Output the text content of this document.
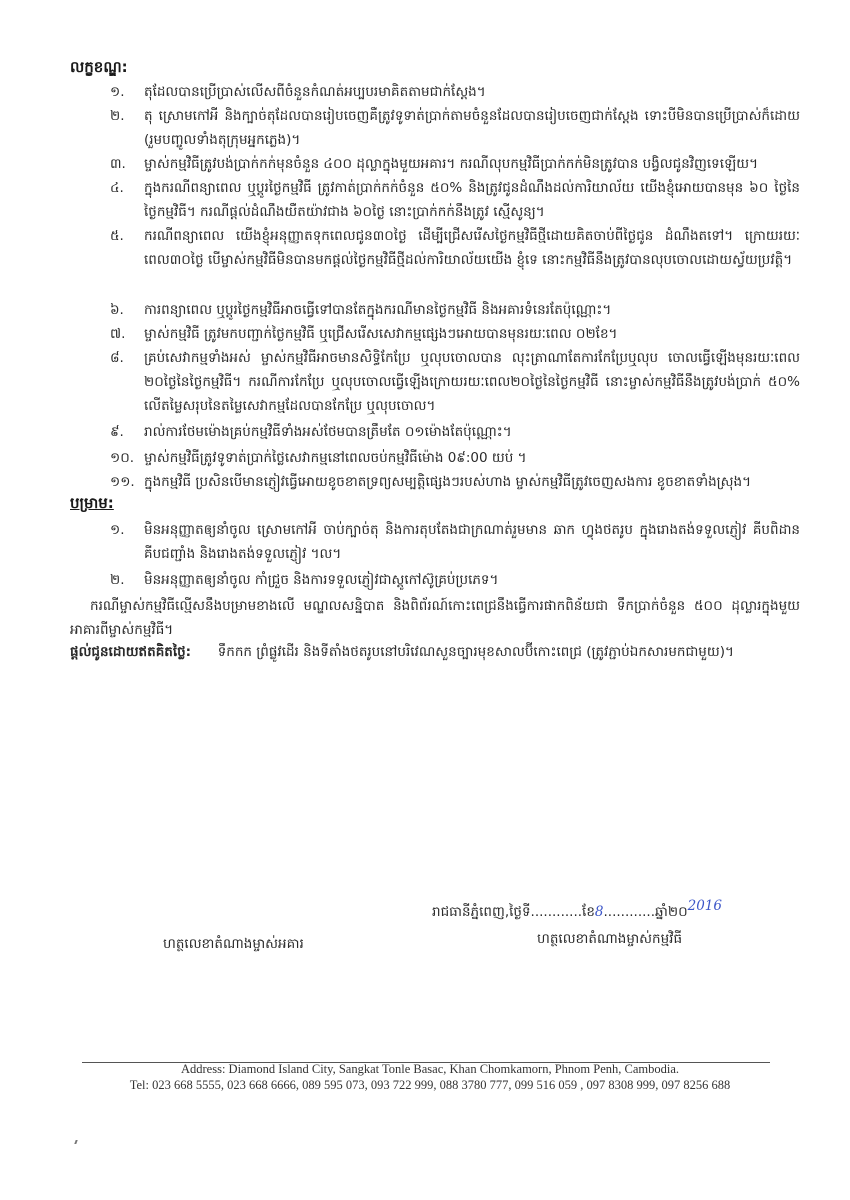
លក្ខខណ្ឌ:
១.	តុដែលបានប្រើប្រាស់លើសពីចំនួនកំណត់អប្បបរមាគិតតាមជាក់ស្តែង។
២.	តុ ស្រោមកៅអី និងក្បាច់តុដែលបានរៀបចេញគឺត្រូវទូទាត់ប្រាក់តាមចំនួនដែលបានរៀបចេញជាក់ស្តែង ទោះបីមិនបានប្រើប្រាស់ក៏ដោយ (រួមបញ្ចូលទាំងតុក្រុមអ្នកភ្លេង)។
៣.	ម្ចាស់កម្មវិធីត្រូវបង់ប្រាក់កក់មុនចំនួន ៤០០ ដុល្លាក្នុងមួយអគារ។ ករណីលុបកម្មវិធីប្រាក់កក់មិនត្រូវបាន បង្វិលជូនវិញទេឡើយ។
៤.	ក្នុងករណីពន្យាពេល ឬប្តូរថ្ងៃកម្មវិធី ត្រូវកាត់ប្រាក់កក់ចំនួន ៥០% និងត្រូវជូនដំណឹងដល់ការិយាល័យ យើងខ្ញុំអោយបានមុន ៦០ ថ្ងៃនៃថ្ងៃកម្មវិធី។ ករណីផ្តល់ដំណឹងយឺតយ៉ាវជាង ៦០ថ្ងៃ នោះប្រាក់កក់នឹងត្រូវ ស្មើសូន្យ។
៥.	ករណីពន្យាពេល យើងខ្ញុំអនុញ្ញាតទុកពេលជូន៣០ថ្ងៃ ដើម្បីជ្រើសរើសថ្ងៃកម្មវិធីថ្មីដោយគិតចាប់ពីថ្ងៃជូន ដំណឹងតទៅ។ ក្រោយរយៈពេល៣០ថ្ងៃ បើម្ចាស់កម្មវិធីមិនបានមកផ្តល់ថ្ងៃកម្មវិធីថ្មីដល់ការិយាល័យយើង ខ្ញុំទេ នោះកម្មវិធីនឹងត្រូវបានលុបចោលដោយស្វ័យប្រវត្តិ។
៦.	ការពន្យាពេល ឬប្តូរថ្ងៃកម្មវិធីអាចធ្វើទៅបានតែក្នុងករណីមានថ្ងៃកម្មវិធី និងអគារទំនេរតែប៉ុណ្ណោះ។
៧.	ម្ចាស់កម្មវិធី ត្រូវមកបញ្ជាក់ថ្ងៃកម្មវិធី ឬជ្រើសរើសសេវាកម្មផ្សេងៗអោយបានមុនរយៈពេល ០២ខែ។
៨.	គ្រប់សេវាកម្មទាំងអស់ ម្ចាស់កម្មវិធីអាចមានសិទ្ធិកែប្រែ ឬលុបចោលបាន លុះត្រាណាតែការកែប្រែឬលុប ចោលធ្វើឡើងមុនរយៈពេល ២០ថ្ងៃនៃថ្ងៃកម្មវិធី។ ករណីការកែប្រែ ឬលុបចោលធ្វើឡើងក្រោយរយៈពេល២០ថ្ងៃនៃថ្ងៃកម្មវិធី នោះម្ចាស់កម្មវិធីនឹងត្រូវបង់ប្រាក់ ៥០% លើតម្លៃសរុបនៃតម្លៃសេវាកម្មដែលបានកែប្រែ ឬលុបចោល។
៩.	រាល់ការថែមម៉ោងគ្រប់កម្មវិធីទាំងអស់ថែមបានត្រឹមតែ ០១ម៉ោងតែប៉ុណ្ណោះ។
១០. ម្ចាស់កម្មវិធីត្រូវទូទាត់ប្រាក់ថ្លៃសេវាកម្មនៅពេលចប់កម្មវិធីម៉ោង 0៩:00 យប់ ។
១១. ក្នុងកម្មវិធី ប្រសិនបើមានភ្ញៀវធ្វើអោយខូចខាតទ្រព្យសម្បត្តិផ្សេងៗរបស់ហាង ម្ចាស់កម្មវិធីត្រូវចេញសងការ ខូចខាតទាំងស្រុង។
បម្រាម:
១.	មិនអនុញ្ញាតឲ្យនាំចូល ស្រោមកៅអី ចាប់ក្បាច់តុ និងការតុបតែងជាក្រណាត់រួមមាន ឆាក ហ្វុងថតរូប ក្នុងរោងតង់ទទួលភ្ញៀវ គីបពិដាន គីបជញ្ជាំង និងរោងតង់ទទួលភ្ញៀវ ។ល។
២.	មិនអនុញ្ញាតឲ្យនាំចូល កាំជ្រួច និងការទទួលភ្ញៀវជាស្តូកៅស៊ូគ្រប់ប្រភេទ។
ករណីម្ចាស់កម្មវិធីល្មើសនឹងបម្រាមខាងលើ មណ្ឌលសន្និបាត និងពិព័រណ៍កោះពេជ្រនឹងធ្វើការផាកពិន័យជា ទឹកប្រាក់ចំនួន ៥០០ ដុល្លារក្នុងមួយអាគារពីម្ចាស់កម្មវិធី។
ផ្តល់ជូនដោយឥតគិតថ្លៃ: ទឹកកក ព្រំផ្លូវដើរ និងទីតាំងថតរូបនៅបរិវេណសួនច្បារមុខសាលប៊ីកោះពេជ្រ (ត្រូវភ្ជាប់ឯកសារមកជាមួយ)។
រាជធានីភ្នំពេញ,ថ្ងៃទី............ខែ8............ឆ្នាំ២០2016
ហត្ថលេខាតំណាងម្ចាស់អគារ	ហត្ថលេខាតំណាងម្ចាស់កម្មវិធី
Address: Diamond Island City, Sangkat Tonle Basac, Khan Chomkamorn, Phnom Penh, Cambodia.
Tel: 023 668 5555, 023 668 6666, 089 595 073, 093 722 999, 088 3780 777, 099 516 059 , 097 8308 999, 097 8256 688
